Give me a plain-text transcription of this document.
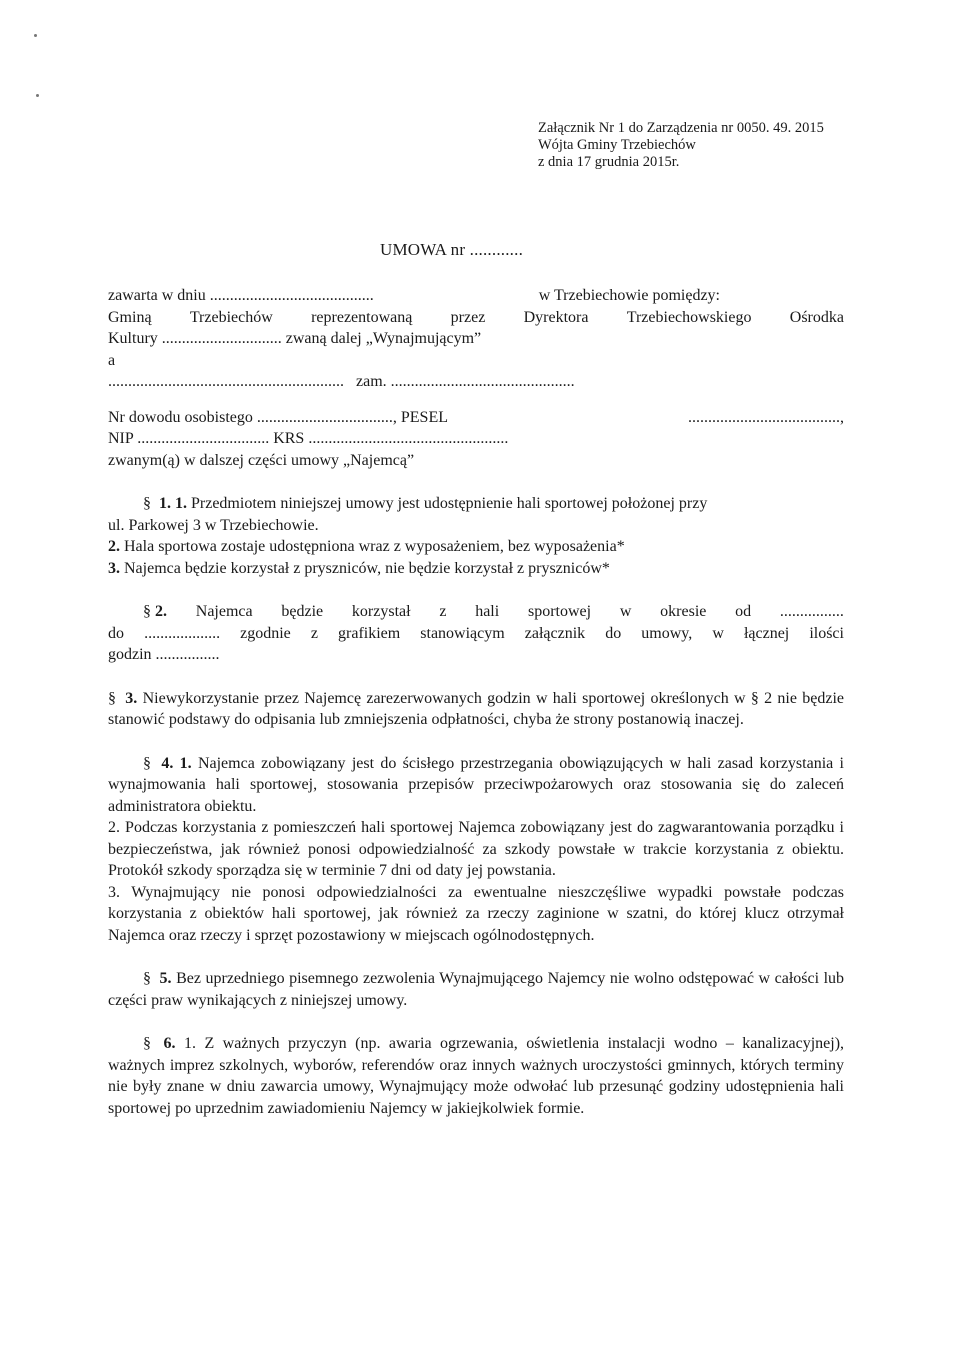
Załącznik Nr 1 do Zarządzenia nr 0050. 49. 2015
Wójta Gminy Trzebiechów
z dnia 17 grudnia 2015r.
UMOWA nr ............
zawarta w dniu .........................................	w Trzebiechowie pomiędzy:
Gminą Trzebiechów reprezentowaną przez Dyrektora Trzebiechowskiego Ośrodka
Kultury .............................. zwaną dalej „Wynajmującym”
a
........................................................... zam. ..............................................
Nr dowodu osobistego .................................., PESEL	......................................,
NIP ................................. KRS ..................................................
zwanym(ą) w dalszej części umowy „Najemcą”
§ 1. 1. Przedmiotem niniejszej umowy jest udostępnienie hali sportowej położonej przy
ul. Parkowej 3 w Trzebiechowie.
2. Hala sportowa zostaje udostępniona wraz z wyposażeniem, bez wyposażenia*
3. Najemca będzie korzystał z pryszniców, nie będzie korzystał z pryszniców*
§ 2. Najemca będzie korzystał z hali sportowej w okresie od ................
do ................... zgodnie z grafikiem stanowiącym załącznik do umowy, w łącznej ilości
godzin ................
§ 3. Niewykorzystanie przez Najemcę zarezerwowanych godzin w hali sportowej określonych w § 2 nie będzie stanowić podstawy do odpisania lub zmniejszenia odpłatności, chyba że strony postanowią inaczej.
§ 4. 1. Najemca zobowiązany jest do ścisłego przestrzegania obowiązujących w hali zasad korzystania i wynajmowania hali sportowej, stosowania przepisów przeciwpożarowych oraz stosowania się do zaleceń administratora obiektu.
2. Podczas korzystania z pomieszczeń hali sportowej Najemca zobowiązany jest do zagwarantowania porządku i bezpieczeństwa, jak również ponosi odpowiedzialność za szkody powstałe w trakcie korzystania z obiektu. Protokół szkody sporządza się w terminie 7 dni od daty jej powstania.
3. Wynajmujący nie ponosi odpowiedzialności za ewentualne nieszczęśliwe wypadki powstałe podczas korzystania z obiektów hali sportowej, jak również za rzeczy zaginione w szatni, do której klucz otrzymał Najemca oraz rzeczy i sprzęt pozostawiony w miejscach ogólnodostępnych.
§ 5. Bez uprzedniego pisemnego zezwolenia Wynajmującego Najemcy nie wolno odstępować w całości lub części praw wynikających z niniejszej umowy.
§ 6. 1. Z ważnych przyczyn (np. awaria ogrzewania, oświetlenia instalacji wodno – kanalizacyjnej), ważnych imprez szkolnych, wyborów, referendów oraz innych ważnych uroczystości gminnych, których terminy nie były znane w dniu zawarcia umowy, Wynajmujący może odwołać lub przesunąć godziny udostępnienia hali sportowej po uprzednim zawiadomieniu Najemcy w jakiejkolwiek formie.
